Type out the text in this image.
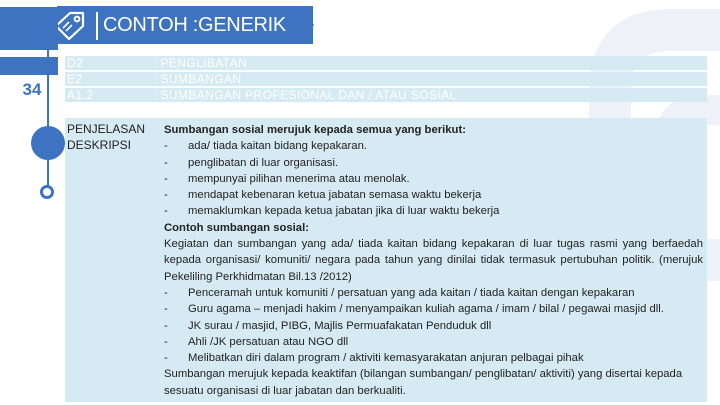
CONTOH :GENERIK
34
D2	: PENGLIBATAN
E2	: SUMBANGAN
A1.2	: SUMBANGAN PROFESIONAL DAN / ATAU SOSIAL
PENJELASAN
DESKRIPSI
Sumbangan sosial merujuk kepada semua yang berikut:
- ada/ tiada kaitan bidang kepakaran.
- penglibatan di luar organisasi.
- mempunyai pilihan menerima atau menolak.
- mendapat kebenaran ketua jabatan semasa waktu bekerja
- memaklumkan kepada ketua jabatan jika di luar waktu bekerja
Contoh sumbangan sosial:
Kegiatan dan sumbangan yang ada/ tiada kaitan bidang kepakaran di luar tugas rasmi yang berfaedah kepada organisasi/ komuniti/ negara pada tahun yang dinilai tidak termasuk pertubuhan politik. (merujuk Pekeliling Perkhidmatan Bil.13 /2012)
- Penceramah untuk komuniti / persatuan yang ada kaitan / tiada kaitan dengan kepakaran
- Guru agama – menjadi hakim / menyampaikan kuliah agama / imam / bilal / pegawai masjid dll.
- JK surau / masjid, PIBG, Majlis Permuafakatan Penduduk dll
- Ahli /JK persatuan atau NGO dll
- Melibatkan diri dalam program / aktiviti kemasyarakatan anjuran pelbagai pihak
Sumbangan merujuk kepada keaktifan (bilangan sumbangan/ penglibatan/ aktiviti) yang disertai kepada sesuatu organisasi di luar jabatan dan berkualiti.
